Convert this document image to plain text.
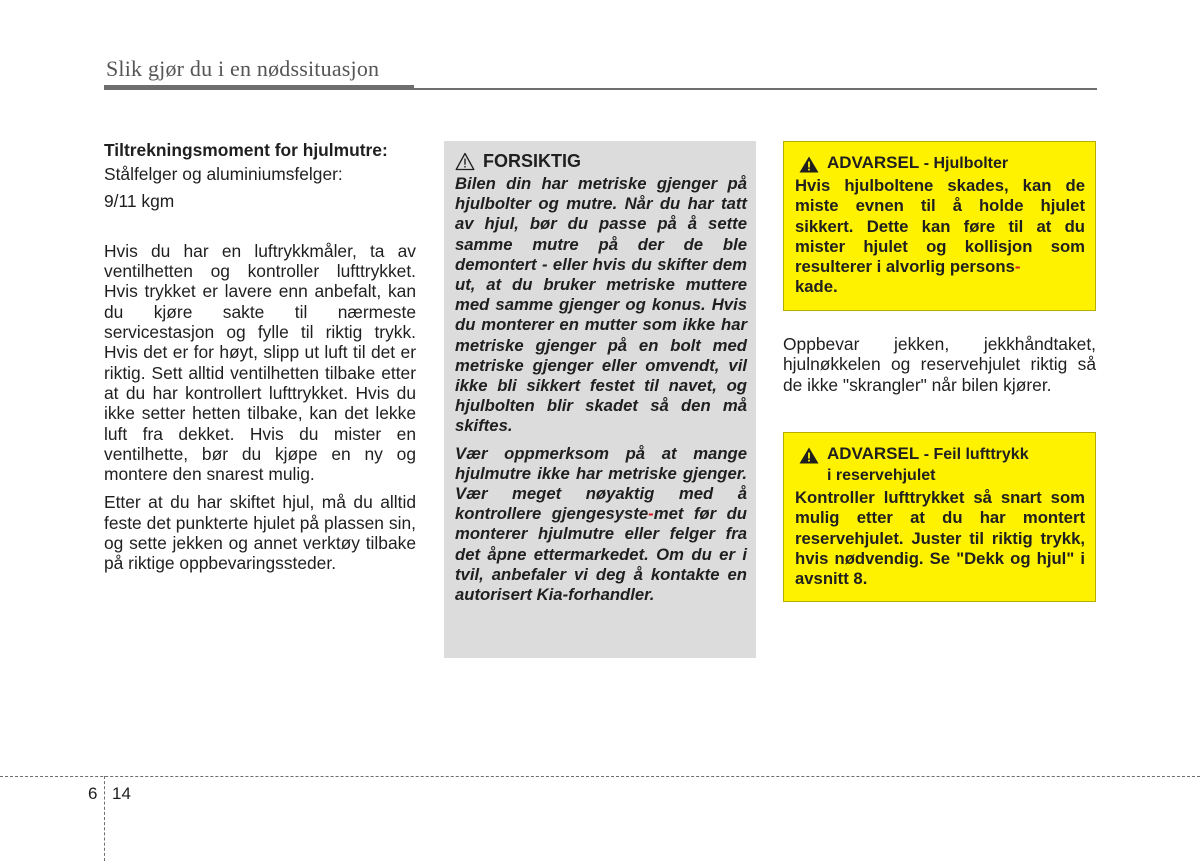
Slik gjør du i en nødssituasjon

Tiltrekningsmoment for hjulmutre:

Stålfelger og aluminiumsfelger:

9/11 kgm

Hvis du har en luftrykkmåler, ta av ventilhetten og kontroller lufttrykket. Hvis trykket er lavere enn anbefalt, kan du kjøre sakte til nærmeste servicestasjon og fylle til riktig trykk. Hvis det er for høyt, slipp ut luft til det er riktig. Sett alltid ventilhetten tilbake etter at du har kontrollert lufttrykket. Hvis du ikke setter hetten tilbake, kan det lekke luft fra dekket. Hvis du mister en ventilhette, bør du kjøpe en ny og montere den snarest mulig.

Etter at du har skiftet hjul, må du alltid feste det punkterte hjulet på plassen sin, og sette jekken og annet verktøy tilbake på riktige oppbevaringssteder.

FORSIKTIG

Bilen din har metriske gjenger på hjulbolter og mutre. Når du har tatt av hjul, bør du passe på å sette samme mutre på der de ble demontert - eller hvis du skifter dem ut, at du bruker metriske muttere med samme gjenger og konus. Hvis du monterer en mutter som ikke har metriske gjenger på en bolt med metriske gjenger eller omvendt, vil ikke bli sikkert festet til navet, og hjulbolten blir skadet så den må skiftes.

Vær oppmerksom på at mange hjulmutre ikke har metriske gjenger. Vær meget nøyaktig med å kontrollere gjengesyste-met før du monterer hjulmutre eller felger fra det åpne ettermarkedet. Om du er i tvil, anbefaler vi deg å kontakte en autorisert Kia-forhandler.

ADVARSEL - Hjulbolter

Hvis hjulboltene skades, kan de miste evnen til å holde hjulet sikkert. Dette kan føre til at du mister hjulet og kollisjon som resulterer i alvorlig persons-
kade.

Oppbevar jekken, jekkhåndtaket, hjulnøkkelen og reservehjulet riktig så de ikke "skrangler" når bilen kjører.

ADVARSEL - Feil lufttrykk
i reservehjulet

Kontroller lufttrykket så snart som mulig etter at du har montert reservehjulet. Juster til riktig trykk, hvis nødvendig. Se "Dekk og hjul" i avsnitt 8.

6 14
